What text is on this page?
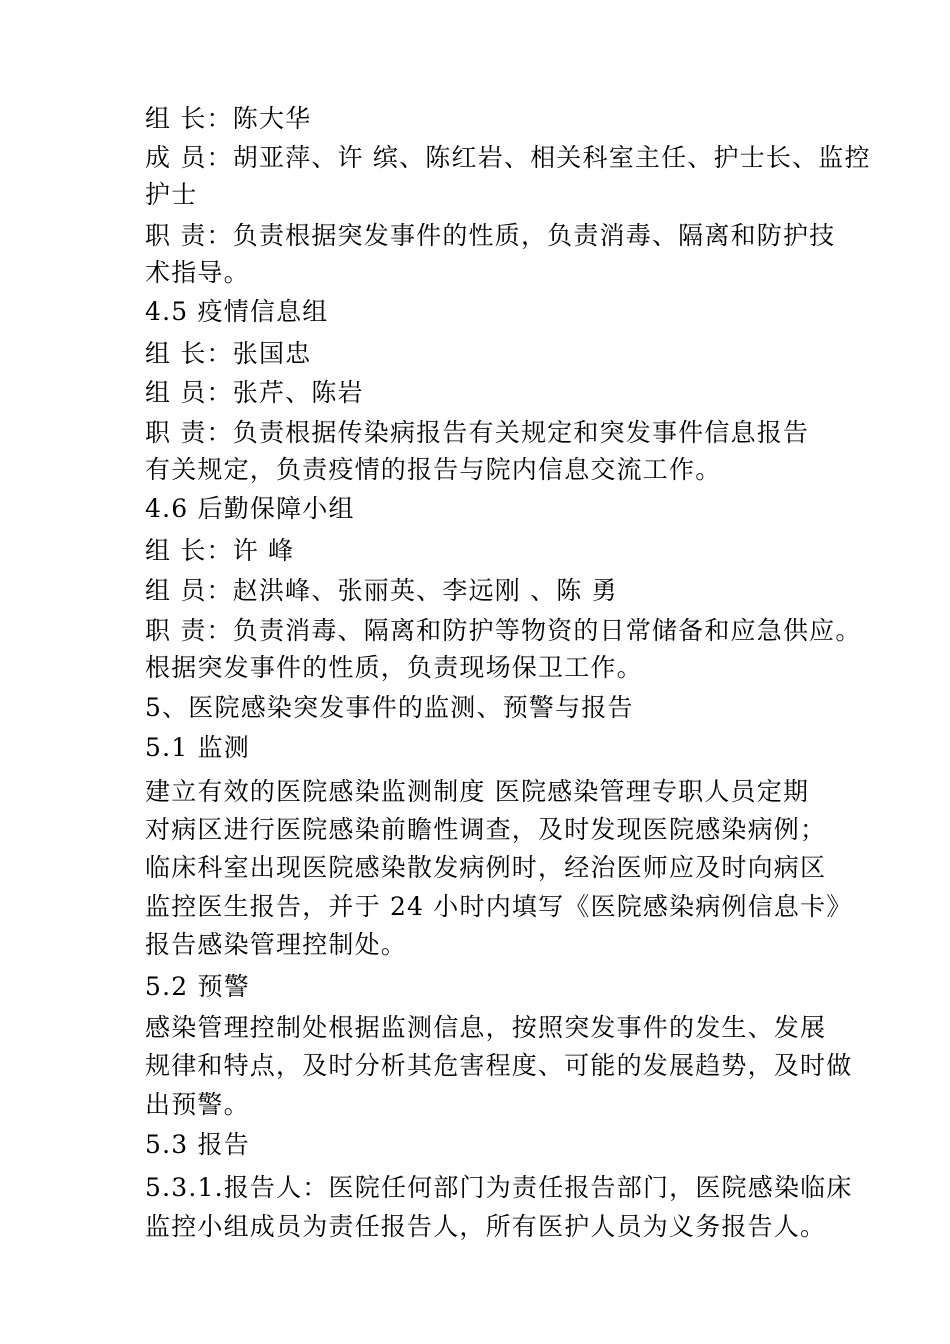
组 长：陈大华
成 员：胡亚萍、许 缤、陈红岩、相关科室主任、护士长、监控
护士
职 责：负责根据突发事件的性质，负责消毒、隔离和防护技
术指导。
4.5 疫情信息组
组 长：张国忠
组 员：张芹、陈岩
职 责：负责根据传染病报告有关规定和突发事件信息报告
有关规定，负责疫情的报告与院内信息交流工作。
4.6 后勤保障小组
组 长：许 峰
组 员：赵洪峰、张丽英、李远刚 、陈 勇
职 责：负责消毒、隔离和防护等物资的日常储备和应急供应。
根据突发事件的性质，负责现场保卫工作。
5、医院感染突发事件的监测、预警与报告
5.1 监测
建立有效的医院感染监测制度 医院感染管理专职人员定期
对病区进行医院感染前瞻性调查，及时发现医院感染病例；
临床科室出现医院感染散发病例时，经治医师应及时向病区
监控医生报告，并于 24 小时内填写《医院感染病例信息卡》
报告感染管理控制处。
5.2 预警
感染管理控制处根据监测信息，按照突发事件的发生、发展
规律和特点，及时分析其危害程度、可能的发展趋势，及时做
出预警。
5.3 报告
5.3.1.报告人：医院任何部门为责任报告部门，医院感染临床
监控小组成员为责任报告人，所有医护人员为义务报告人。
